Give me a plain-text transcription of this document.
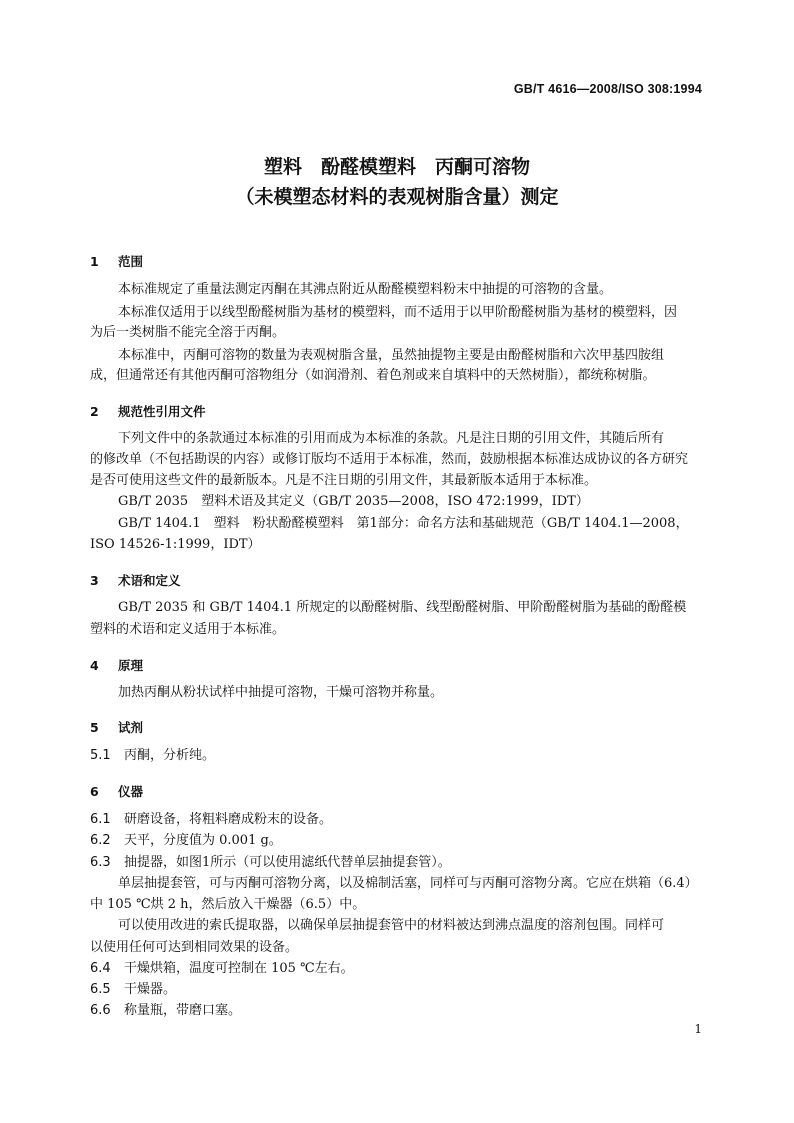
GB/T 4616—2008/ISO 308:1994
塑料　酚醛模塑料　丙酮可溶物
（未模塑态材料的表观树脂含量）测定
1 范围
本标准规定了重量法测定丙酮在其沸点附近从酚醛模塑料粉末中抽提的可溶物的含量。
本标准仅适用于以线型酚醛树脂为基材的模塑料，而不适用于以甲阶酚醛树脂为基材的模塑料，因
为后一类树脂不能完全溶于丙酮。
本标准中，丙酮可溶物的数量为表观树脂含量，虽然抽提物主要是由酚醛树脂和六次甲基四胺组
成，但通常还有其他丙酮可溶物组分（如润滑剂、着色剂或来自填料中的天然树脂），都统称树脂。
2 规范性引用文件
下列文件中的条款通过本标准的引用而成为本标准的条款。凡是注日期的引用文件，其随后所有
的修改单（不包括勘误的内容）或修订版均不适用于本标准，然而，鼓励根据本标准达成协议的各方研究
是否可使用这些文件的最新版本。凡是不注日期的引用文件，其最新版本适用于本标准。
GB/T 2035　塑料术语及其定义（GB/T 2035—2008，ISO 472:1999，IDT）
GB/T 1404.1　塑料　粉状酚醛模塑料　第1部分：命名方法和基础规范（GB/T 1404.1—2008，
ISO 14526-1:1999，IDT）
3 术语和定义
GB/T 2035 和 GB/T 1404.1 所规定的以酚醛树脂、线型酚醛树脂、甲阶酚醛树脂为基础的酚醛模
塑料的术语和定义适用于本标准。
4 原理
加热丙酮从粉状试样中抽提可溶物，干燥可溶物并称量。
5 试剂
5.1 丙酮，分析纯。
6 仪器
6.1 研磨设备，将粗料磨成粉末的设备。
6.2 天平，分度值为 0.001 g。
6.3 抽提器，如图1所示（可以使用滤纸代替单层抽提套管）。
单层抽提套管，可与丙酮可溶物分离，以及棉制活塞，同样可与丙酮可溶物分离。它应在烘箱（6.4）
中 105 ℃烘 2 h，然后放入干燥器（6.5）中。
可以使用改进的索氏提取器，以确保单层抽提套管中的材料被达到沸点温度的溶剂包围。同样可
以使用任何可达到相同效果的设备。
6.4 干燥烘箱，温度可控制在 105 ℃左右。
6.5 干燥器。
6.6 称量瓶，带磨口塞。
1
